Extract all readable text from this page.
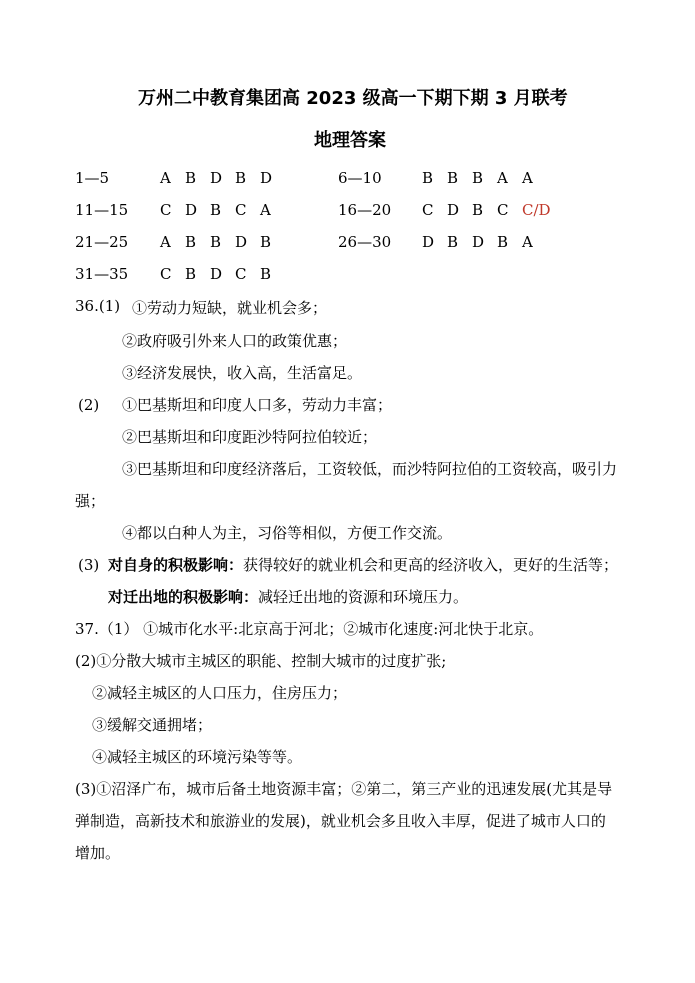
万州二中教育集团高 2023 级高一下期下期 3 月联考
地理答案
1—5	A B D B D	6—10	B B B A A
11—15 C D B C A	16—20 C D B C C/D
21—25 A B B D B	26—30 D B D B A
31—35 C B D C B
36.(1) ①劳动力短缺，就业机会多；
②政府吸引外来人口的政策优惠；
③经济发展快，收入高，生活富足。
(2) ①巴基斯坦和印度人口多，劳动力丰富；
②巴基斯坦和印度距沙特阿拉伯较近；
③巴基斯坦和印度经济落后，工资较低，而沙特阿拉伯的工资较高，吸引力
强；
④都以白种人为主，习俗等相似，方便工作交流。
(3) 对自身的积极影响：获得较好的就业机会和更高的经济收入，更好的生活等；
对迁出地的积极影响：减轻迁出地的资源和环境压力。
37.（1） ①城市化水平:北京高于河北；②城市化速度:河北快于北京。
(2)①分散大城市主城区的职能、控制大城市的过度扩张;
②减轻主城区的人口压力，住房压力；
③缓解交通拥堵；
④减轻主城区的环境污染等等。
(3)①沼泽广布，城市后备土地资源丰富；②第二，第三产业的迅速发展(尤其是导
弹制造，高新技术和旅游业的发展)，就业机会多且收入丰厚，促进了城市人口的
增加。
